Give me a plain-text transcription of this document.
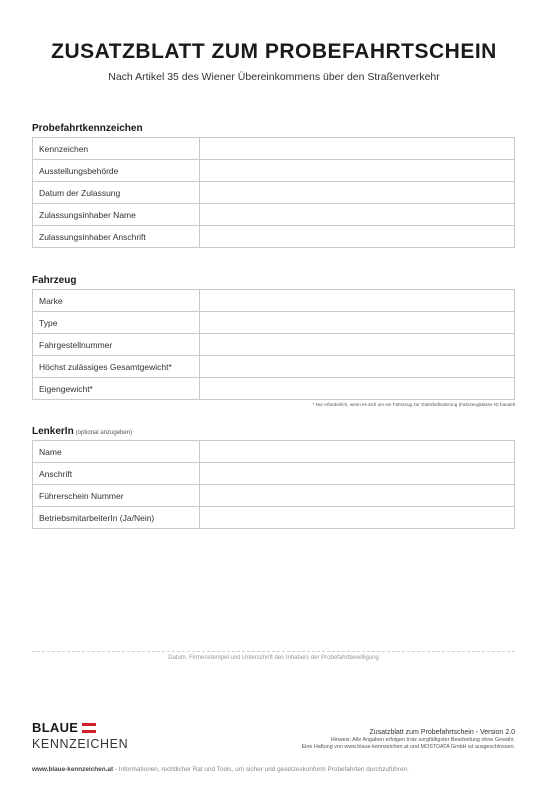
ZUSATZBLATT ZUM PROBEFAHRTSCHEIN
Nach Artikel 35 des Wiener Übereinkommens über den Straßenverkehr
Probefahrtkennzeichen
Kennzeichen	
Ausstellungsbehörde	
Datum der Zulassung	
Zulassungsinhaber Name	
Zulassungsinhaber Anschrift	
Fahrzeug
Marke	
Type	
Fahrgestellnummer	
Höchst zulässiges Gesamtgewicht*	
Eigengewicht*	
* Nur erforderlich, wenn es sich um ein Fahrzeug zur Güterbeförderung (Fahrzeugklasse N) handelt
LenkerIn (optional anzugeben)
Name	
Anschrift	
Führerschein Nummer	
BetriebsmitarbeiterIn (Ja/Nein)	
Datum, Firmenstempel und Unterschrift des Inhabers der Probefahrtbewilligung
BLAUE
KENNZEICHEN
Zusatzblatt zum Probefahrtschein - Version 2.0
Hinweis: Alle Angaben erfolgen trotz sorgfältigster Bearbeitung ohne Gewähr.
Eine Haftung von www.blaue-kennzeichen.at und MOSTDATA GmbH ist ausgeschlossen.
www.blaue-kennzeichen.at - Informationen, rechtlicher Rat und Tools, um sicher und gesetzeskonform Probefahrten durchzuführen.
